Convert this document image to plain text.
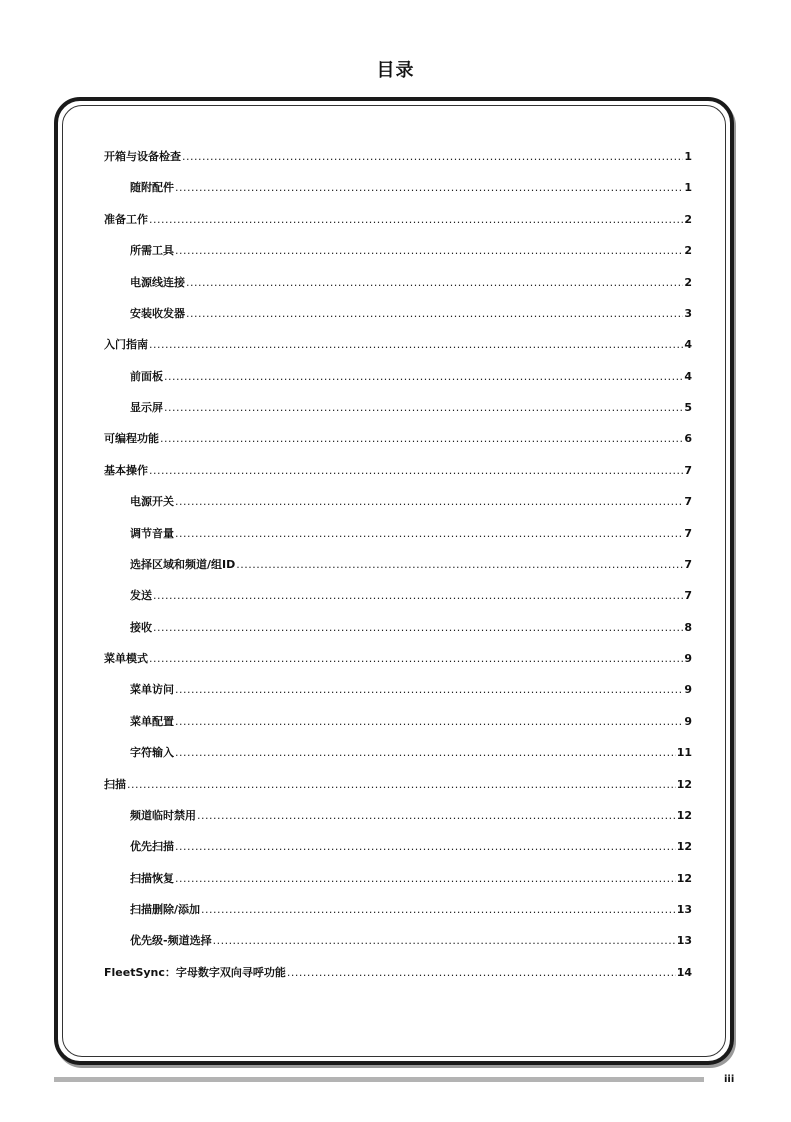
目录
开箱与设备检查 .....	1
随附配件 .....	1
准备工作 .....	2
所需工具 .....	2
电源线连接 .....	2
安装收发器 .....	3
入门指南 .....	4
前面板 .....	4
显示屏 .....	5
可编程功能 .....	6
基本操作 .....	7
电源开关 .....	7
调节音量 .....	7
选择区域和频道/组ID .....	7
发送 .....	7
接收 .....	8
菜单模式 .....	9
菜单访问 .....	9
菜单配置 .....	9
字符输入 .....	11
扫描 .....	12
频道临时禁用 .....	12
优先扫描 .....	12
扫描恢复 .....	12
扫描删除/添加 .....	13
优先级-频道选择 .....	13
FleetSync：字母数字双向寻呼功能 .....	14
iii
